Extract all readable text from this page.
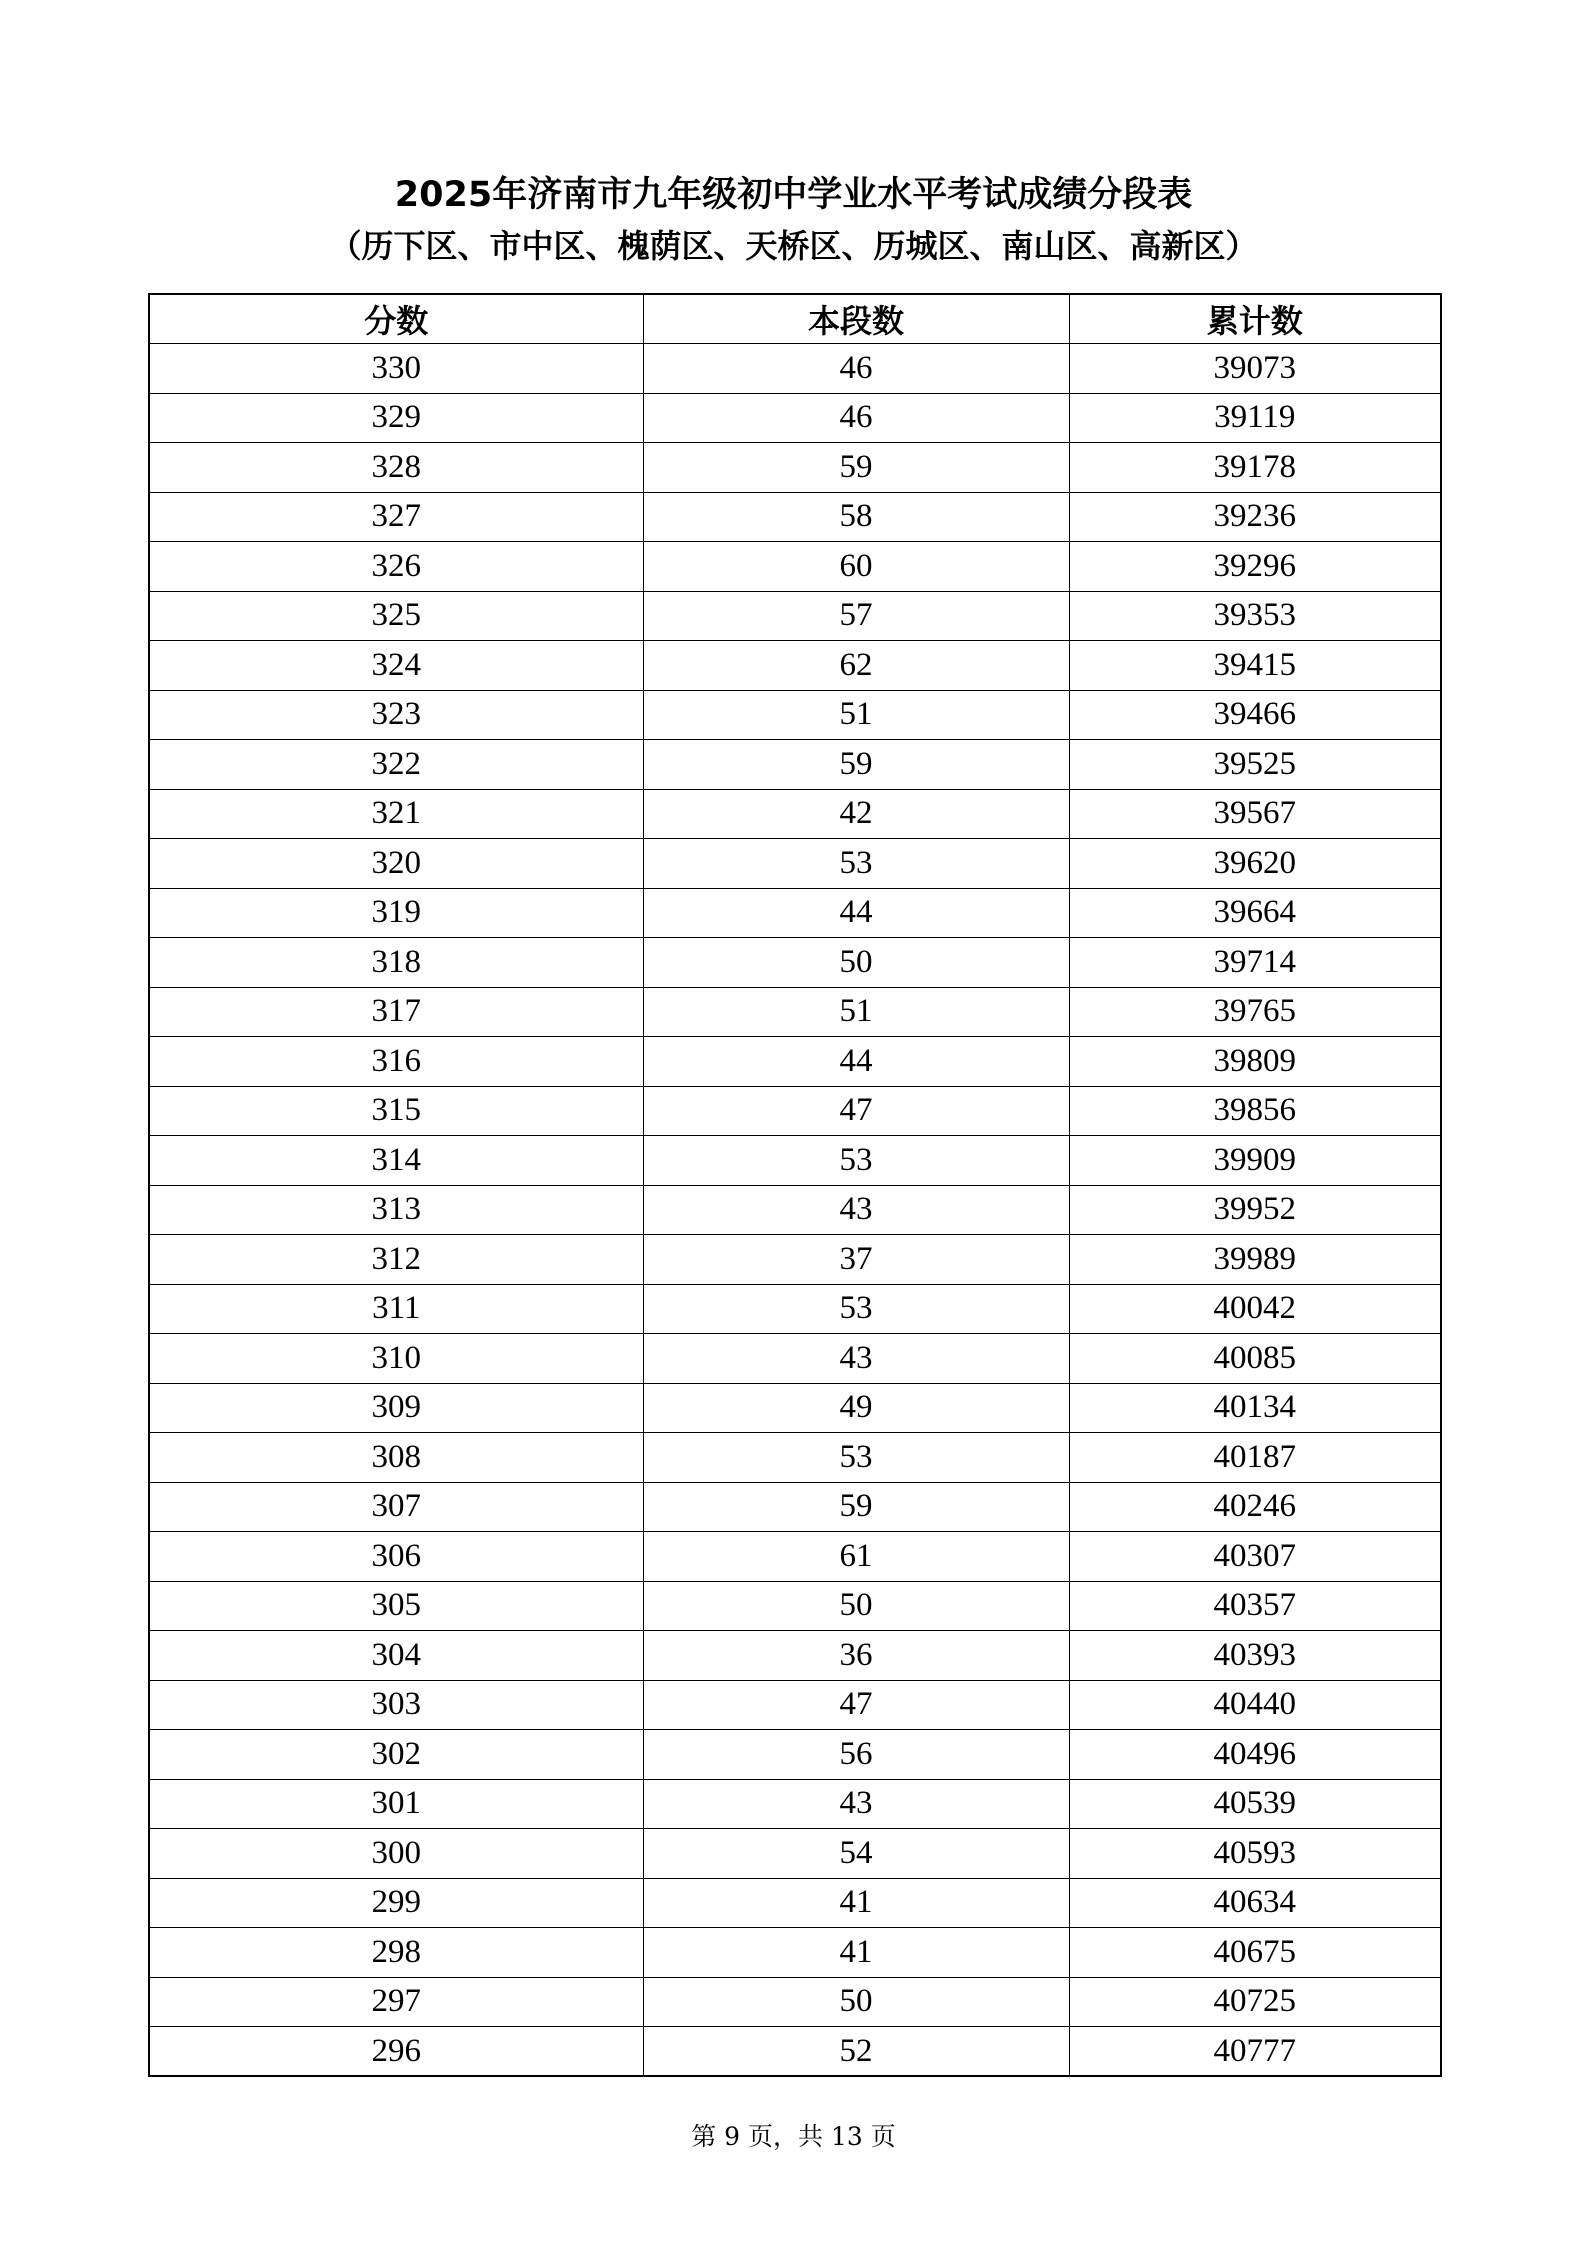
2025年济南市九年级初中学业水平考试成绩分段表
（历下区、市中区、槐荫区、天桥区、历城区、南山区、高新区）
分数	本段数	累计数
330	46	39073
329	46	39119
328	59	39178
327	58	39236
326	60	39296
325	57	39353
324	62	39415
323	51	39466
322	59	39525
321	42	39567
320	53	39620
319	44	39664
318	50	39714
317	51	39765
316	44	39809
315	47	39856
314	53	39909
313	43	39952
312	37	39989
311	53	40042
310	43	40085
309	49	40134
308	53	40187
307	59	40246
306	61	40307
305	50	40357
304	36	40393
303	47	40440
302	56	40496
301	43	40539
300	54	40593
299	41	40634
298	41	40675
297	50	40725
296	52	40777
第 9 页，共 13 页
